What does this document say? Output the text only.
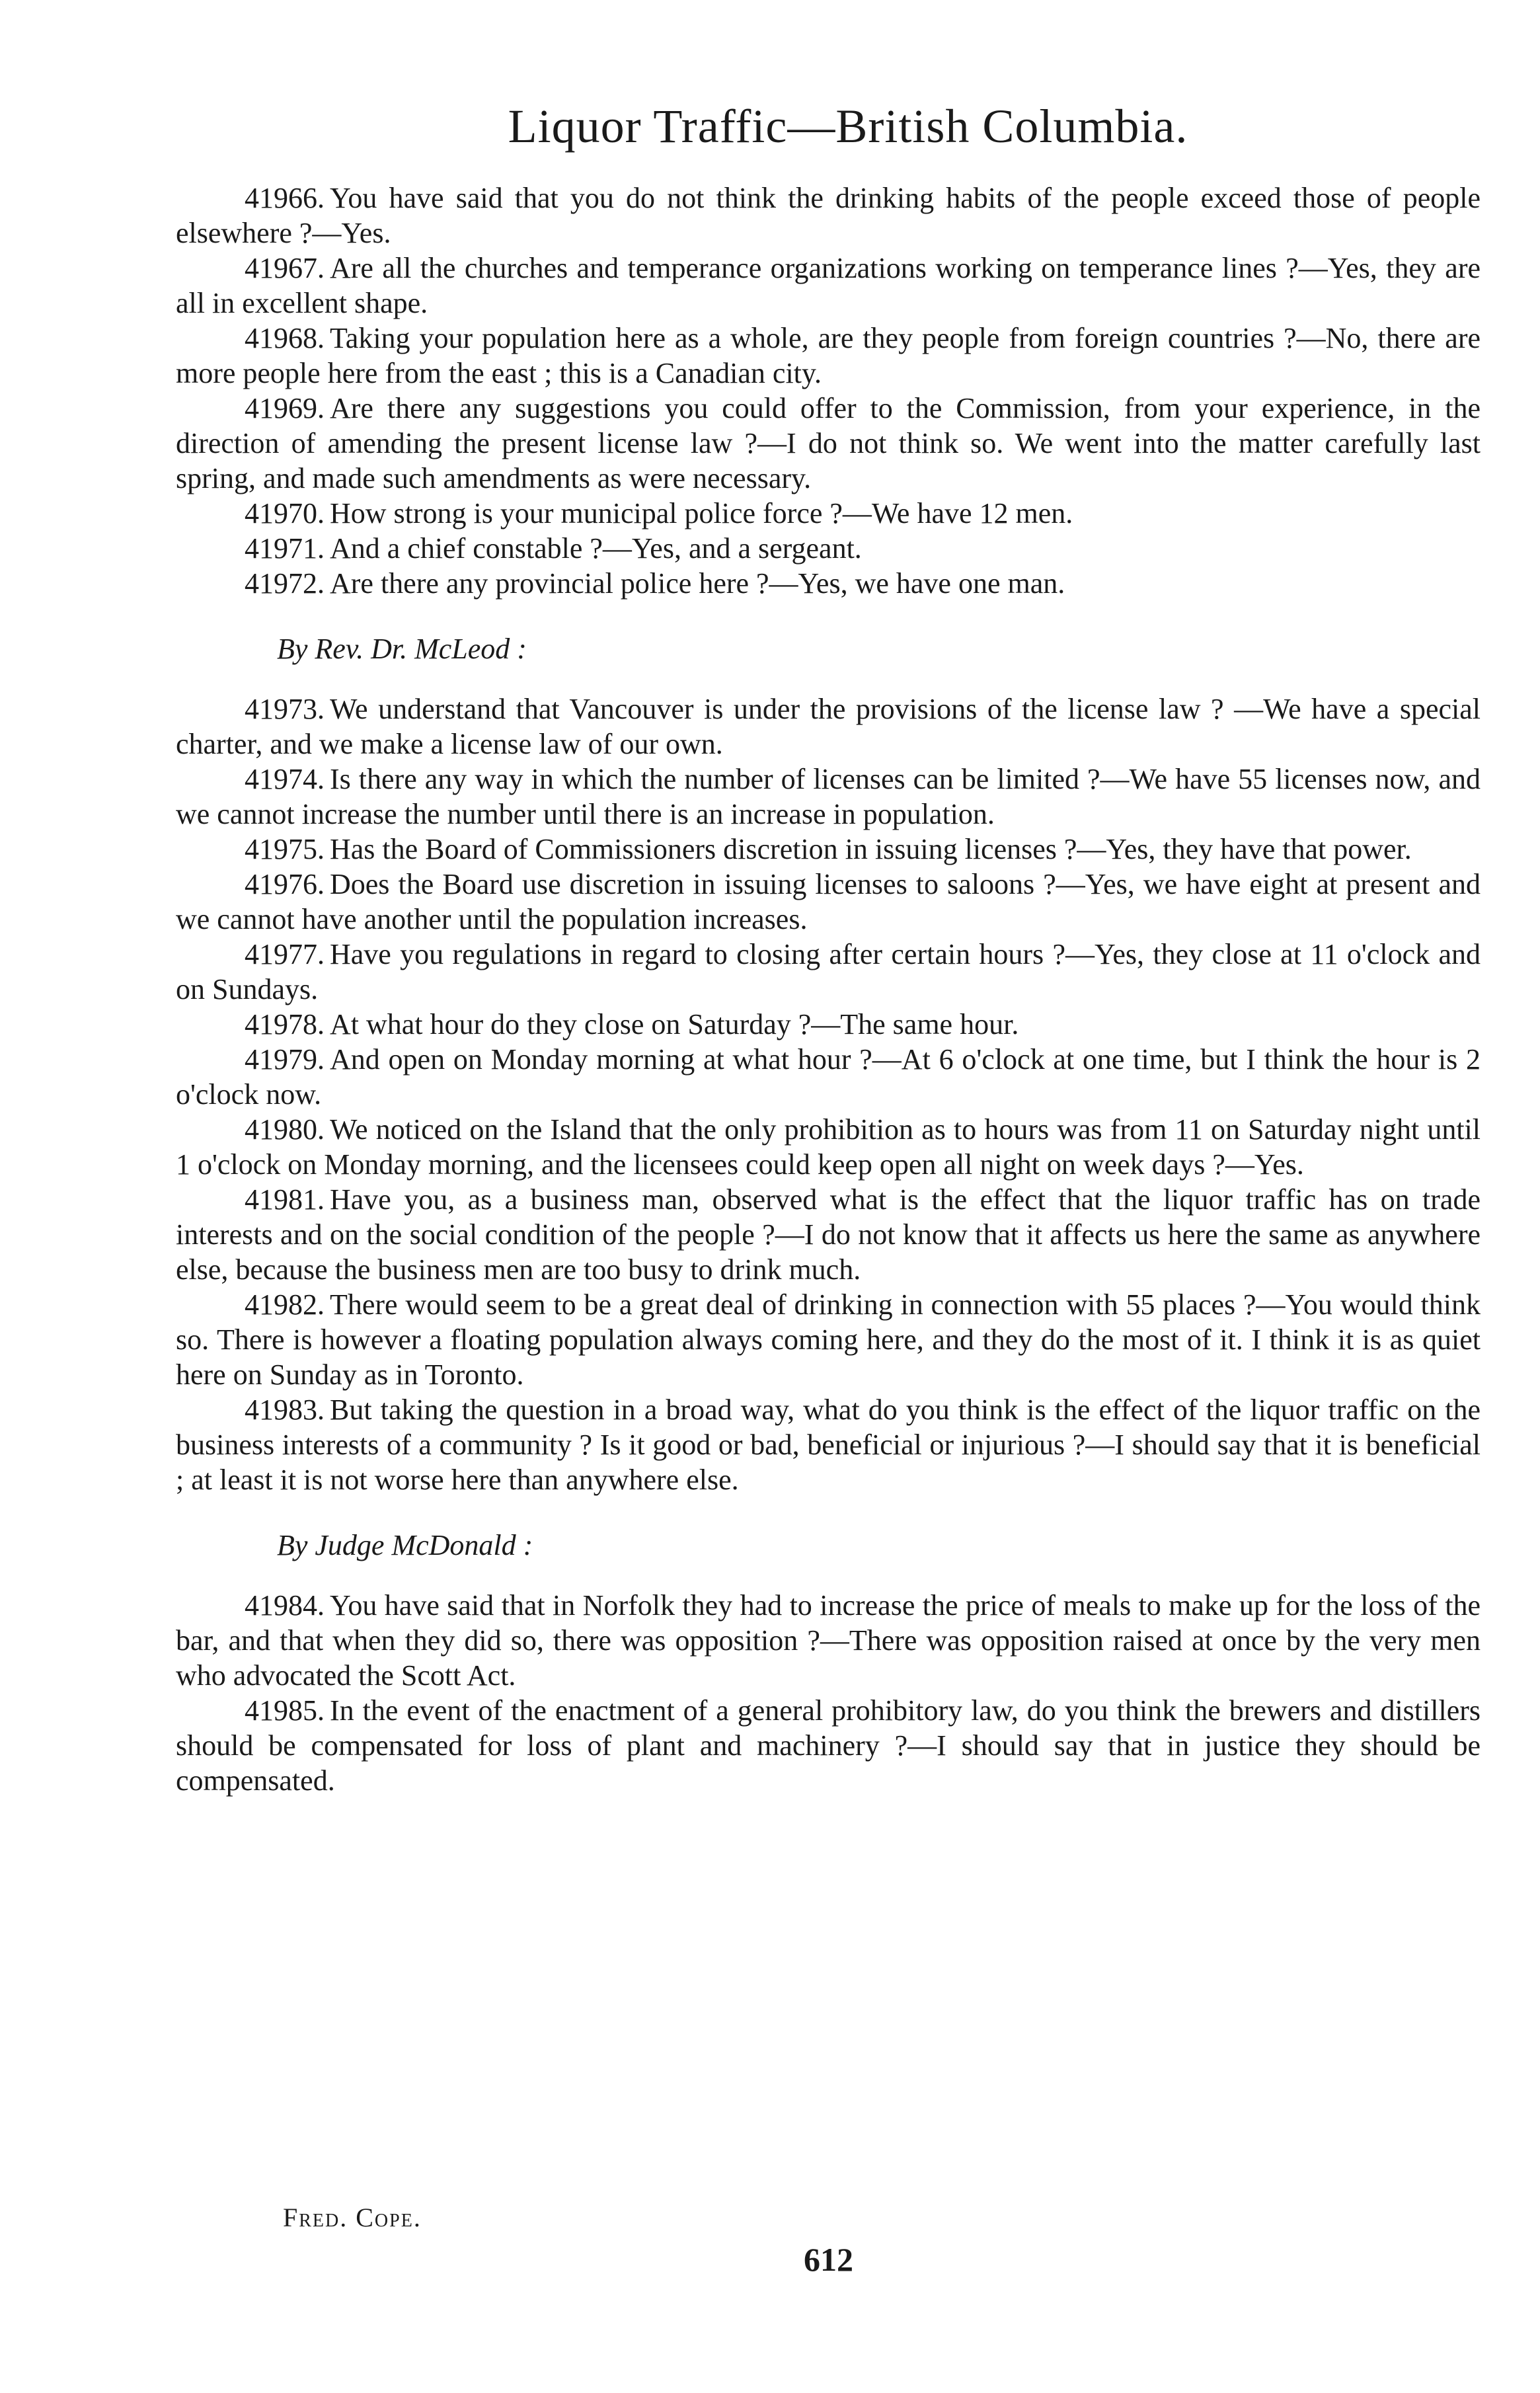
Liquor Traffic—British Columbia.

41966. You have said that you do not think the drinking habits of the people exceed those of people elsewhere ?—Yes.

41967. Are all the churches and temperance organizations working on temperance lines ?—Yes, they are all in excellent shape.

41968. Taking your population here as a whole, are they people from foreign countries ?—No, there are more people here from the east ; this is a Canadian city.

41969. Are there any suggestions you could offer to the Commission, from your experience, in the direction of amending the present license law ?—I do not think so. We went into the matter carefully last spring, and made such amendments as were necessary.

41970. How strong is your municipal police force ?—We have 12 men.

41971. And a chief constable ?—Yes, and a sergeant.

41972. Are there any provincial police here ?—Yes, we have one man.

By Rev. Dr. McLeod :

41973. We understand that Vancouver is under the provisions of the license law ? —We have a special charter, and we make a license law of our own.

41974. Is there any way in which the number of licenses can be limited ?—We have 55 licenses now, and we cannot increase the number until there is an increase in population.

41975. Has the Board of Commissioners discretion in issuing licenses ?—Yes, they have that power.

41976. Does the Board use discretion in issuing licenses to saloons ?—Yes, we have eight at present and we cannot have another until the population increases.

41977. Have you regulations in regard to closing after certain hours ?—Yes, they close at 11 o'clock and on Sundays.

41978. At what hour do they close on Saturday ?—The same hour.

41979. And open on Monday morning at what hour ?—At 6 o'clock at one time, but I think the hour is 2 o'clock now.

41980. We noticed on the Island that the only prohibition as to hours was from 11 on Saturday night until 1 o'clock on Monday morning, and the licensees could keep open all night on week days ?—Yes.

41981. Have you, as a business man, observed what is the effect that the liquor traffic has on trade interests and on the social condition of the people ?—I do not know that it affects us here the same as anywhere else, because the business men are too busy to drink much.

41982. There would seem to be a great deal of drinking in connection with 55 places ?—You would think so. There is however a floating population always coming here, and they do the most of it. I think it is as quiet here on Sunday as in Toronto.

41983. But taking the question in a broad way, what do you think is the effect of the liquor traffic on the business interests of a community ? Is it good or bad, beneficial or injurious ?—I should say that it is beneficial ; at least it is not worse here than anywhere else.

By Judge McDonald :

41984. You have said that in Norfolk they had to increase the price of meals to make up for the loss of the bar, and that when they did so, there was opposition ?—There was opposition raised at once by the very men who advocated the Scott Act.

41985. In the event of the enactment of a general prohibitory law, do you think the brewers and distillers should be compensated for loss of plant and machinery ?—I should say that in justice they should be compensated.

Fred. Cope.
612
